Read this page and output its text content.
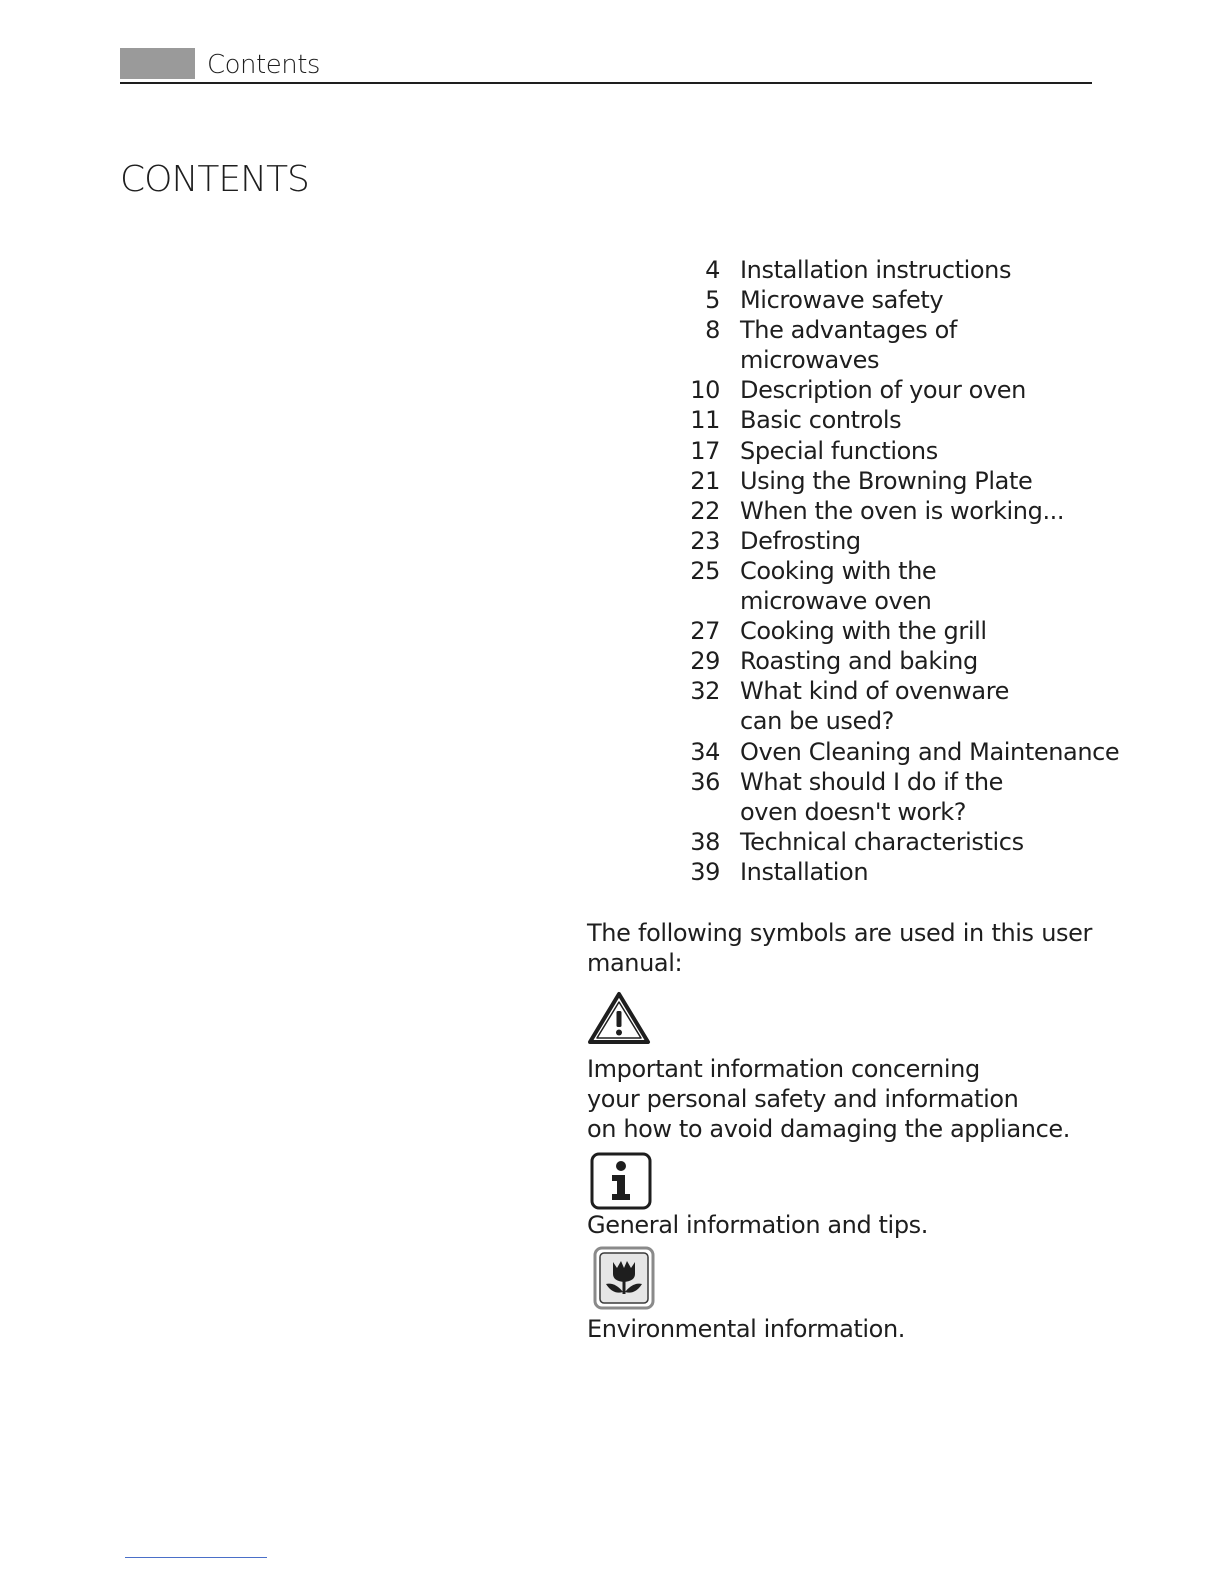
Contents
CONTENTS
4 Installation instructions
5 Microwave safety
8 The advantages of microwaves
10 Description of your oven
11 Basic controls
17 Special functions
21 Using the Browning Plate
22 When the oven is working...
23 Defrosting
25 Cooking with the microwave oven
27 Cooking with the grill
29 Roasting and baking
32 What kind of ovenware can be used?
34 Oven Cleaning and Maintenance
36 What should I do if the oven doesn't work?
38 Technical characteristics
39 Installation

The following symbols are used in this user manual:

Important information concerning

your personal safety and information

on how to avoid damaging the appliance.

General information and tips.

Environmental information.
